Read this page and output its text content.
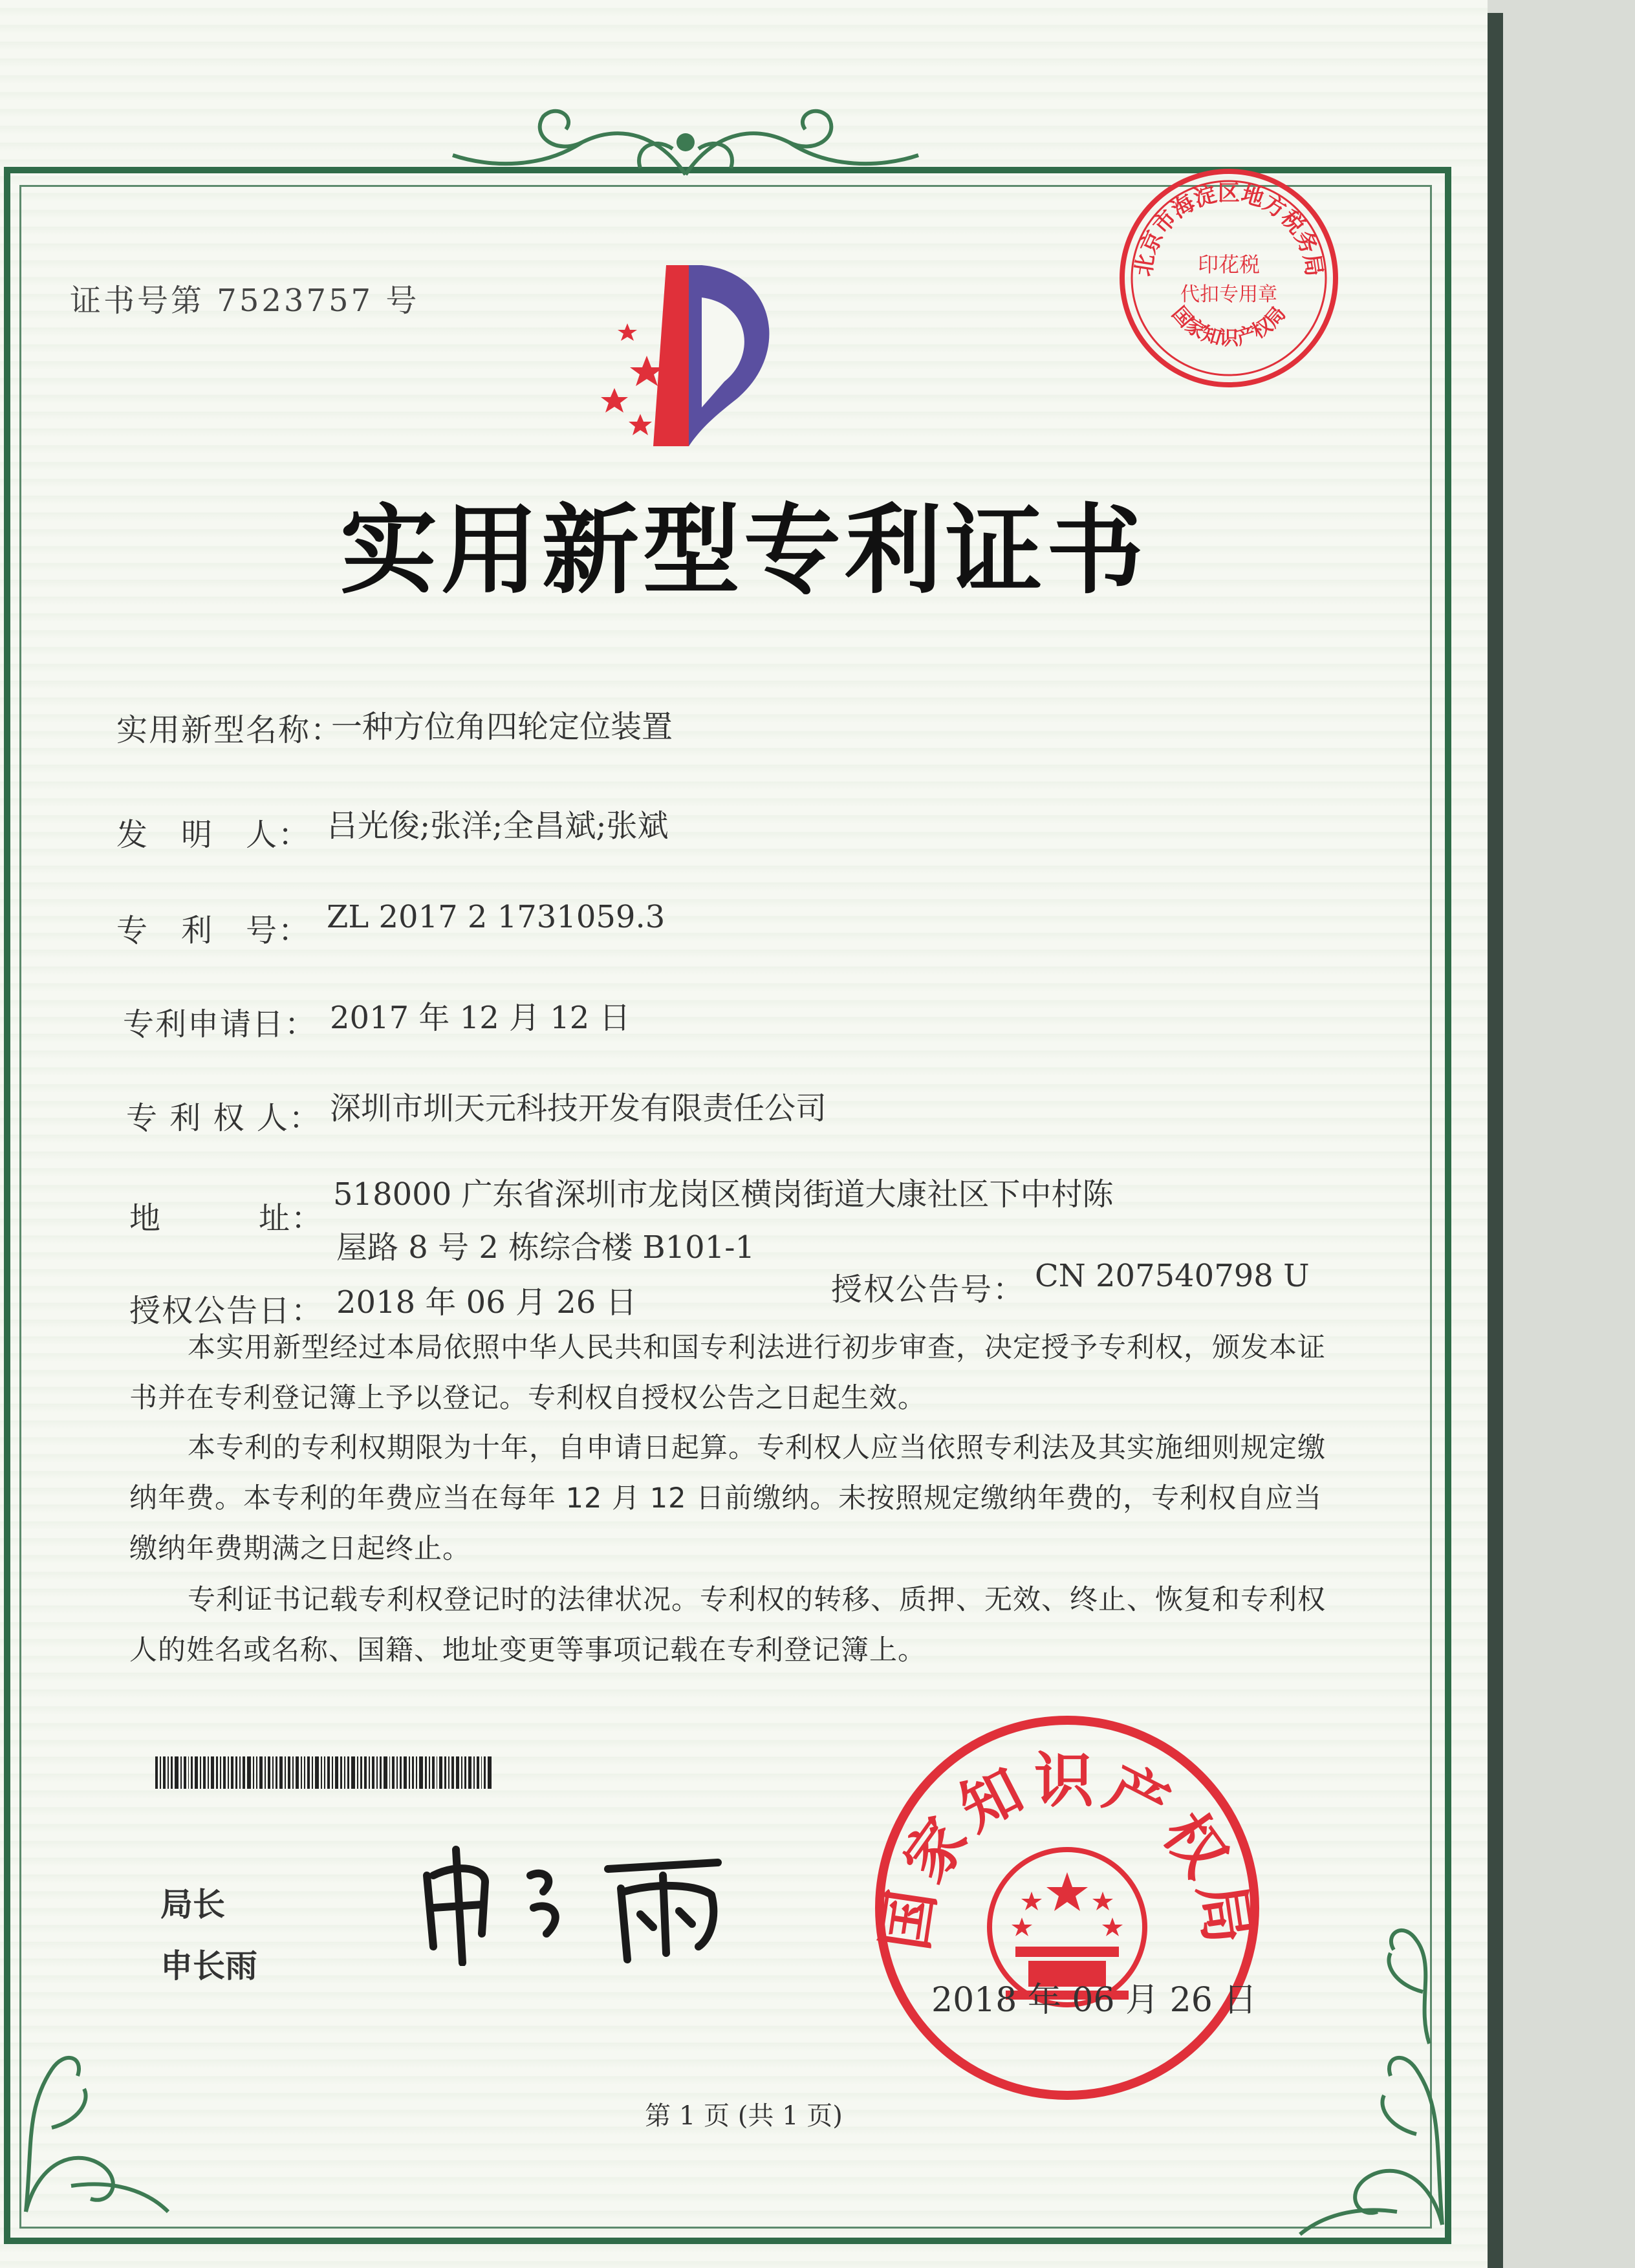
证书号第 7523757 号
北京市海淀区地方税务局
印花税
代扣专用章
国家知识产权局
实用新型专利证书
实用新型名称：
一种方位角四轮定位装置
发　明　人： 吕光俊;张洋;全昌斌;张斌
专　利　号： ZL 2017 2 1731059.3
专利申请日： 2017 年 12 月 12 日
专 利 权 人： 深圳市圳天元科技开发有限责任公司
地　　　址：
518000 广东省深圳市龙岗区横岗街道大康社区下中村陈
屋路 8 号 2 栋综合楼 B101-1
授权公告日： 2018 年 06 月 26 日	授权公告号： CN 207540798 U
本实用新型经过本局依照中华人民共和国专利法进行初步审查，决定授予专利权，颁发本证书并在专利登记簿上予以登记。专利权自授权公告之日起生效。
本专利的专利权期限为十年，自申请日起算。专利权人应当依照专利法及其实施细则规定缴纳年费。本专利的年费应当在每年 12 月 12 日前缴纳。未按照规定缴纳年费的，专利权自应当缴纳年费期满之日起终止。
专利证书记载专利权登记时的法律状况。专利权的转移、质押、无效、终止、恢复和专利权人的姓名或名称、国籍、地址变更等事项记载在专利登记簿上。
局长
申长雨
国家知识产权局
2018 年 06 月 26 日
第 1 页 (共 1 页)
